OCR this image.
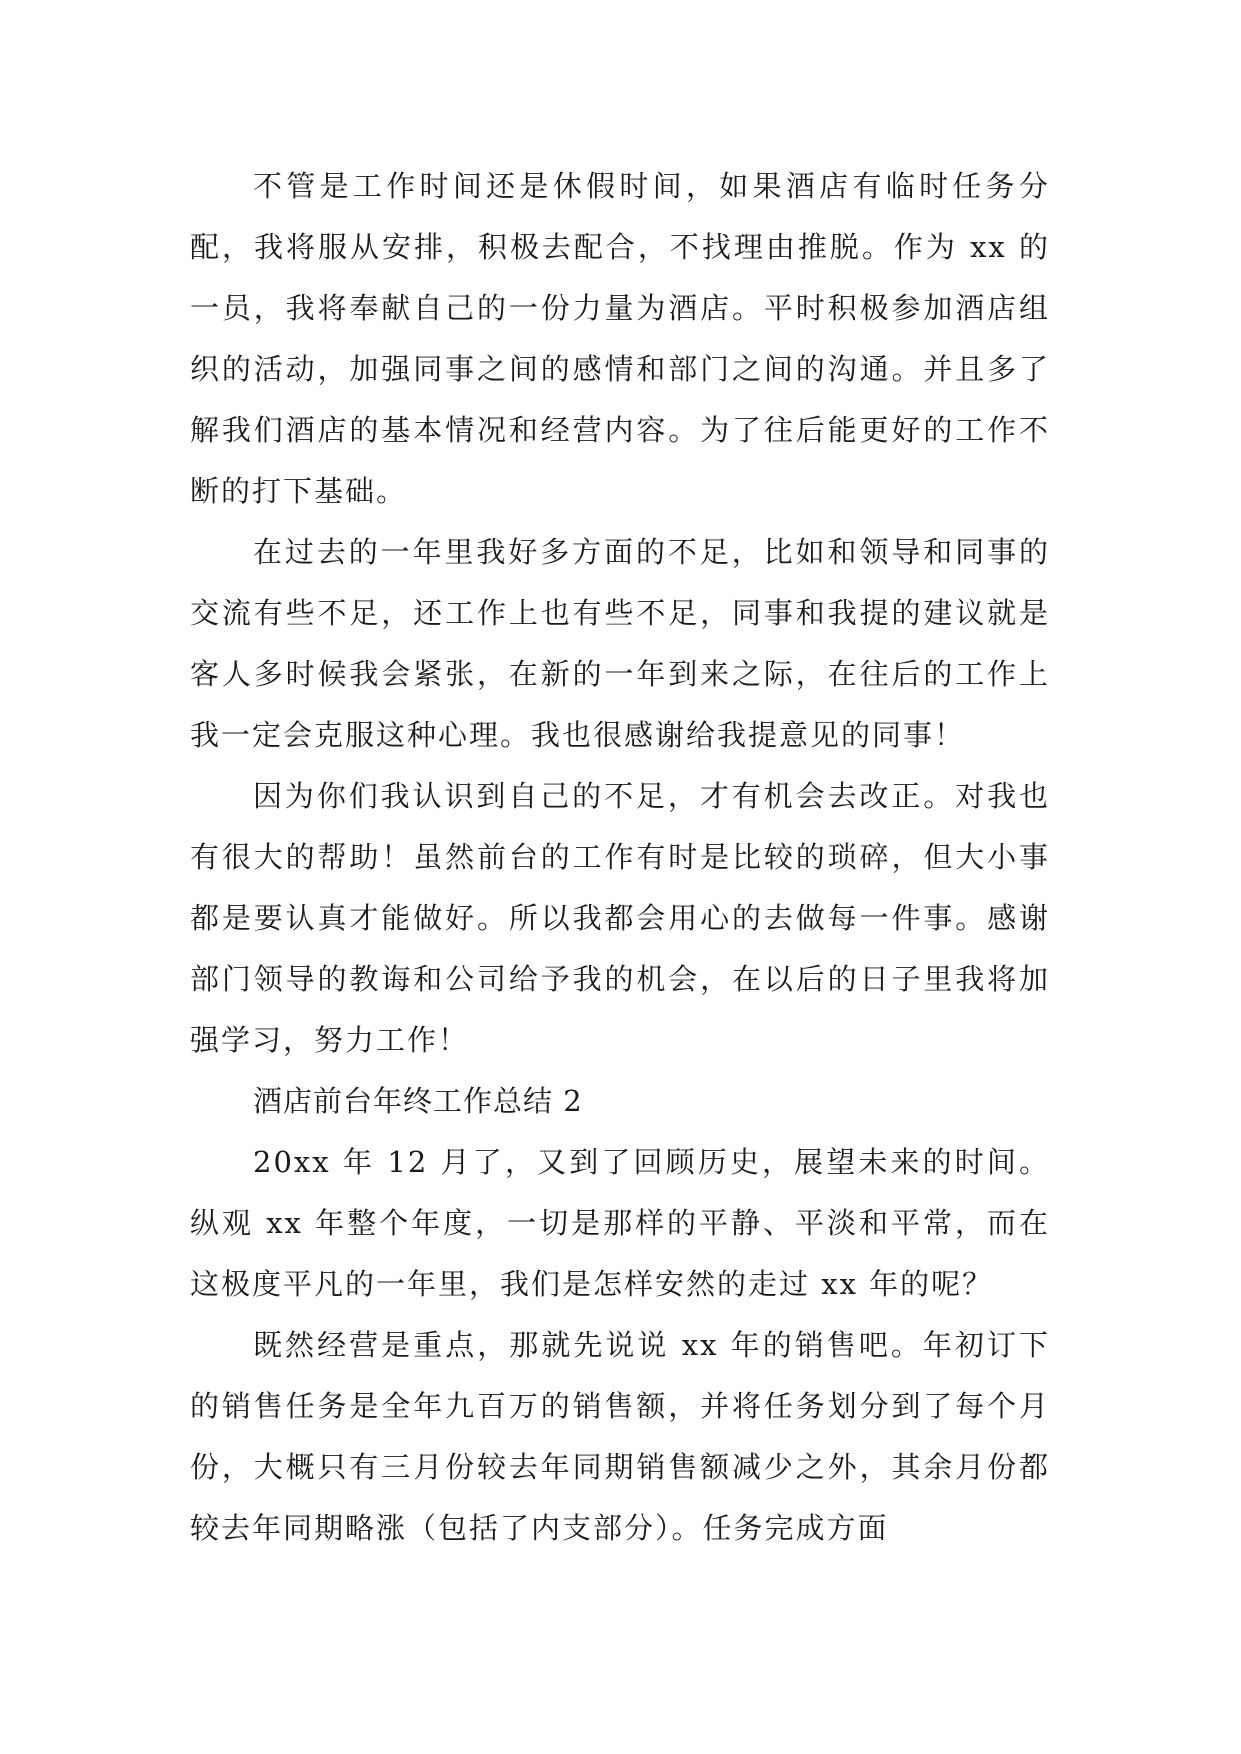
不管是工作时间还是休假时间，如果酒店有临时任务分配，我将服从安排，积极去配合，不找理由推脱。作为 xx 的一员，我将奉献自己的一份力量为酒店。平时积极参加酒店组织的活动，加强同事之间的感情和部门之间的沟通。并且多了解我们酒店的基本情况和经营内容。为了往后能更好的工作不断的打下基础。

在过去的一年里我好多方面的不足，比如和领导和同事的交流有些不足，还工作上也有些不足，同事和我提的建议就是客人多时候我会紧张，在新的一年到来之际，在往后的工作上我一定会克服这种心理。我也很感谢给我提意见的同事！

因为你们我认识到自己的不足，才有机会去改正。对我也有很大的帮助！虽然前台的工作有时是比较的琐碎，但大小事都是要认真才能做好。所以我都会用心的去做每一件事。感谢部门领导的教诲和公司给予我的机会，在以后的日子里我将加强学习，努力工作！

酒店前台年终工作总结 2

20xx 年 12 月了，又到了回顾历史，展望未来的时间。纵观 xx 年整个年度，一切是那样的平静、平淡和平常，而在这极度平凡的一年里，我们是怎样安然的走过 xx 年的呢？

既然经营是重点，那就先说说 xx 年的销售吧。年初订下的销售任务是全年九百万的销售额，并将任务划分到了每个月份，大概只有三月份较去年同期销售额减少之外，其余月份都较去年同期略涨（包括了内支部分）。任务完成方面
